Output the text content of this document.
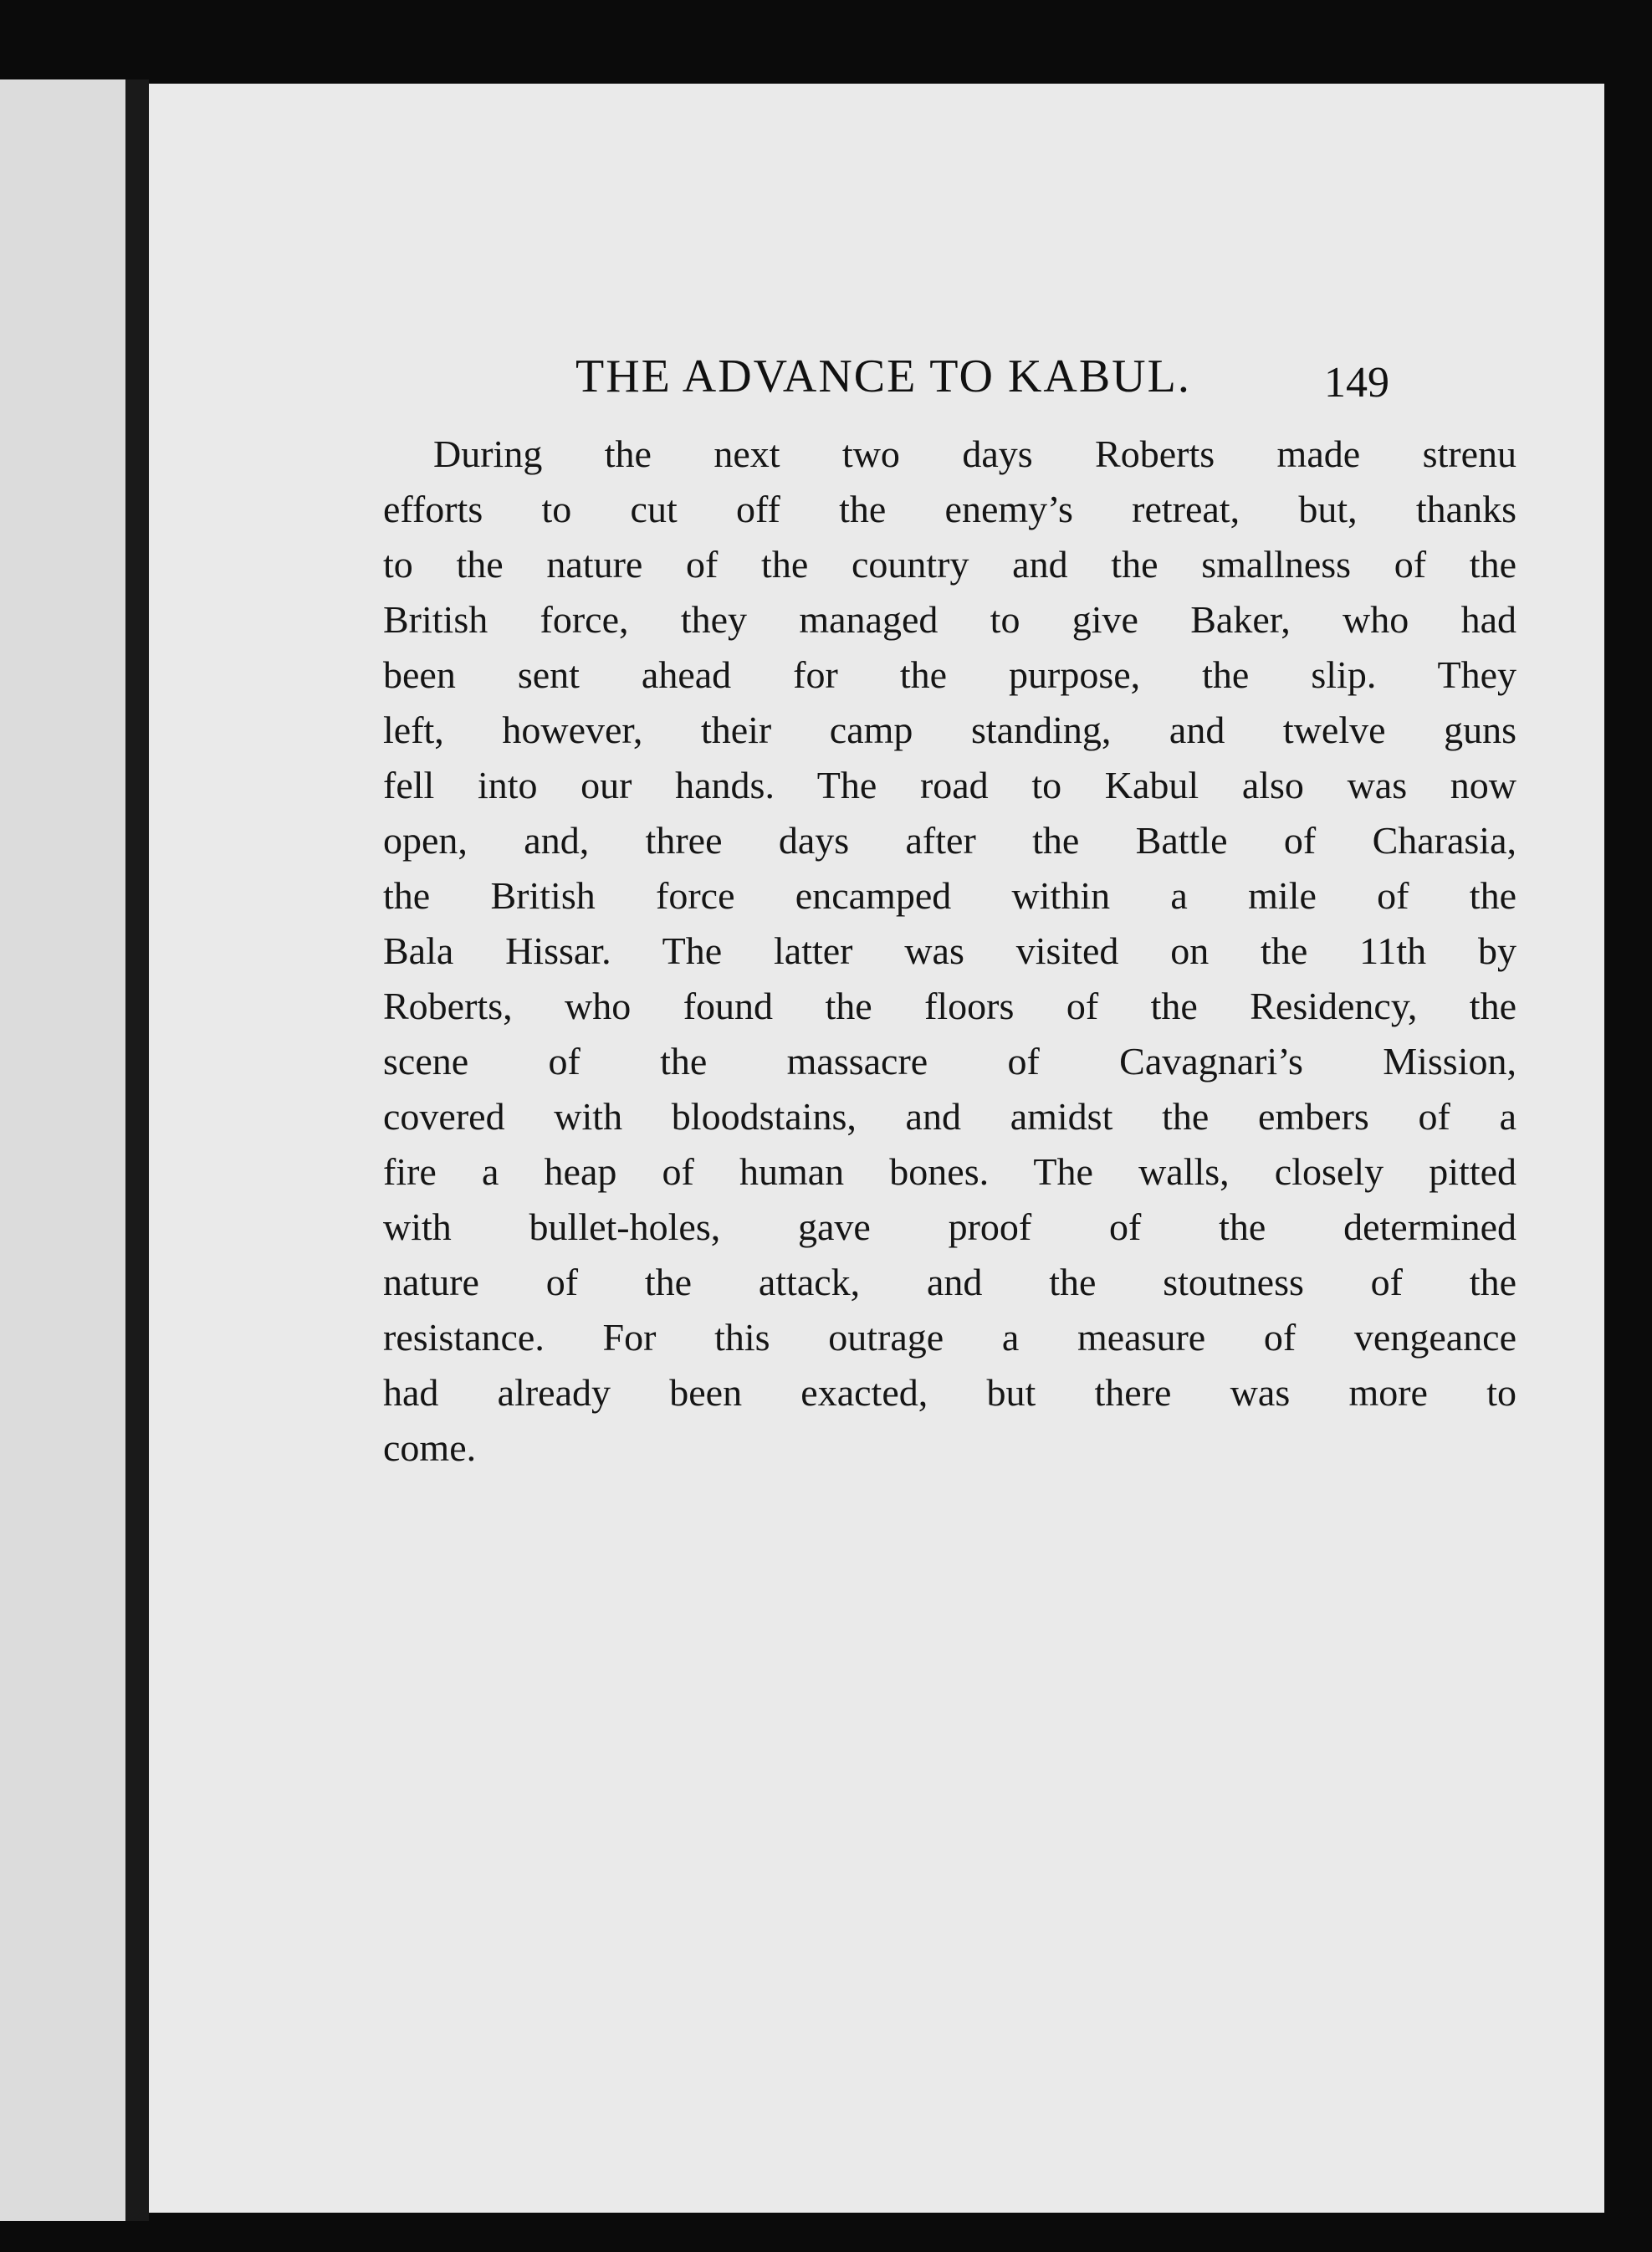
THE ADVANCE TO KABUL.	149
During the next two days Roberts made strenu
efforts to cut off the enemy’s retreat, but, thanks
to the nature of the country and the smallness of the
British force, they managed to give Baker, who had
been sent ahead for the purpose, the slip. They
left, however, their camp standing, and twelve guns
fell into our hands. The road to Kabul also was now
open, and, three days after the Battle of Charasia,
the British force encamped within a mile of the
Bala Hissar. The latter was visited on the 11th by
Roberts, who found the floors of the Residency, the
scene of the massacre of Cavagnari’s Mission,
covered with bloodstains, and amidst the embers of a
fire a heap of human bones. The walls, closely pitted
with bullet-holes, gave proof of the determined
nature of the attack, and the stoutness of the
resistance. For this outrage a measure of vengeance
had already been exacted, but there was more to
come.
